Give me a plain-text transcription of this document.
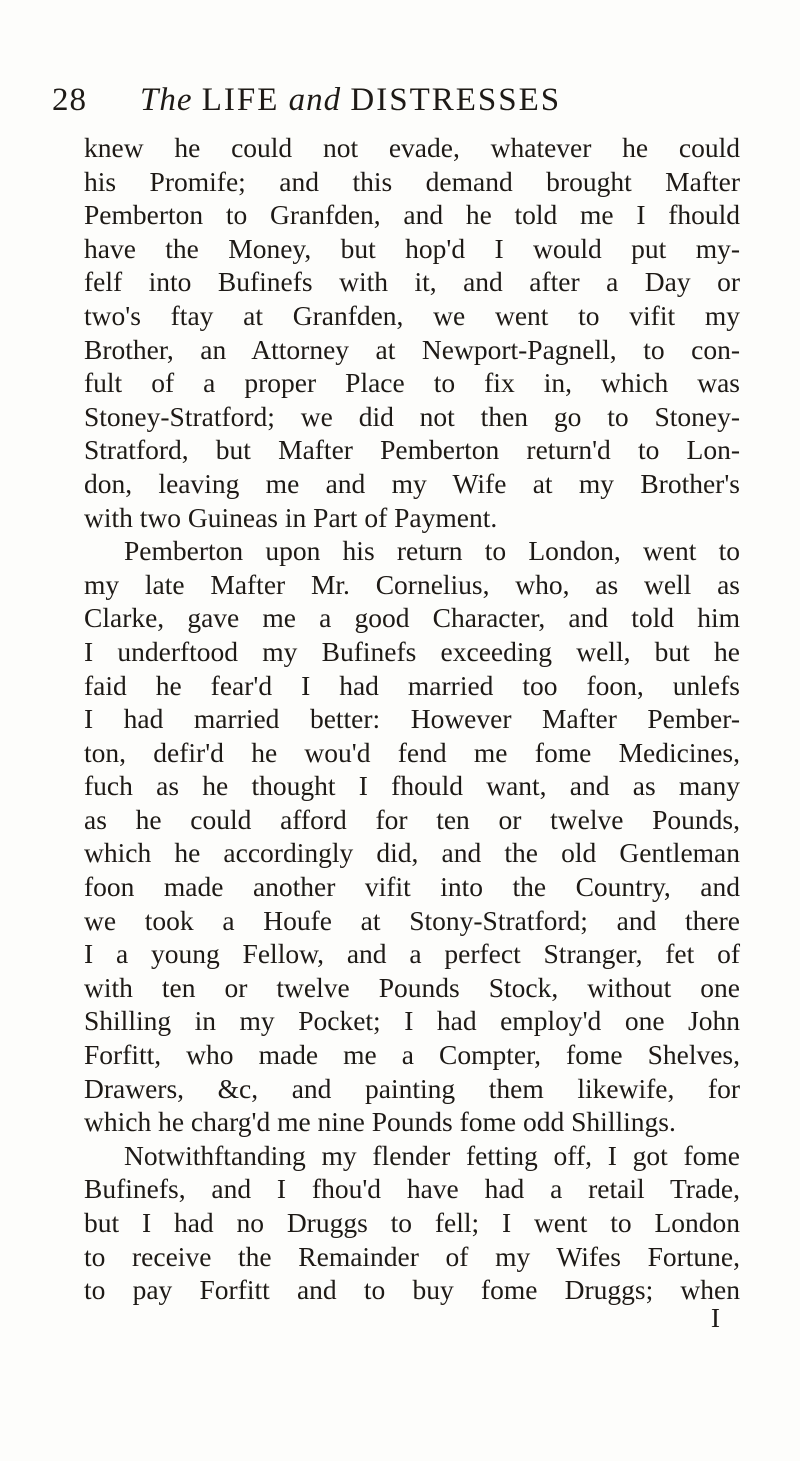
28 The LIFE and DISTRESSES
knew he could not evade, whatever he could
his Promife; and this demand brought Mafter
Pemberton to Granfden, and he told me I fhould
have the Money, but hop'd I would put my-
felf into Bufinefs with it, and after a Day or
two's ftay at Granfden, we went to vifit my
Brother, an Attorney at Newport-Pagnell, to con-
fult of a proper Place to fix in, which was
Stoney-Stratford; we did not then go to Stoney-
Stratford, but Mafter Pemberton return'd to Lon-
don, leaving me and my Wife at my Brother's
with two Guineas in Part of Payment.
Pemberton upon his return to London, went to
my late Mafter Mr. Cornelius, who, as well as
Clarke, gave me a good Character, and told him
I underftood my Bufinefs exceeding well, but he
faid he fear'd I had married too foon, unlefs
I had married better: However Mafter Pember-
ton, defir'd he wou'd fend me fome Medicines,
fuch as he thought I fhould want, and as many
as he could afford for ten or twelve Pounds,
which he accordingly did, and the old Gentleman
foon made another vifit into the Country, and
we took a Houfe at Stony-Stratford; and there
I a young Fellow, and a perfect Stranger, fet of
with ten or twelve Pounds Stock, without one
Shilling in my Pocket; I had employ'd one John
Forfitt, who made me a Compter, fome Shelves,
Drawers, &c, and painting them likewife, for
which he charg'd me nine Pounds fome odd Shillings.
Notwithftanding my flender fetting off, I got fome
Bufinefs, and I fhou'd have had a retail Trade,
but I had no Druggs to fell; I went to London
to receive the Remainder of my Wifes Fortune,
to pay Forfitt and to buy fome Druggs; when
I
